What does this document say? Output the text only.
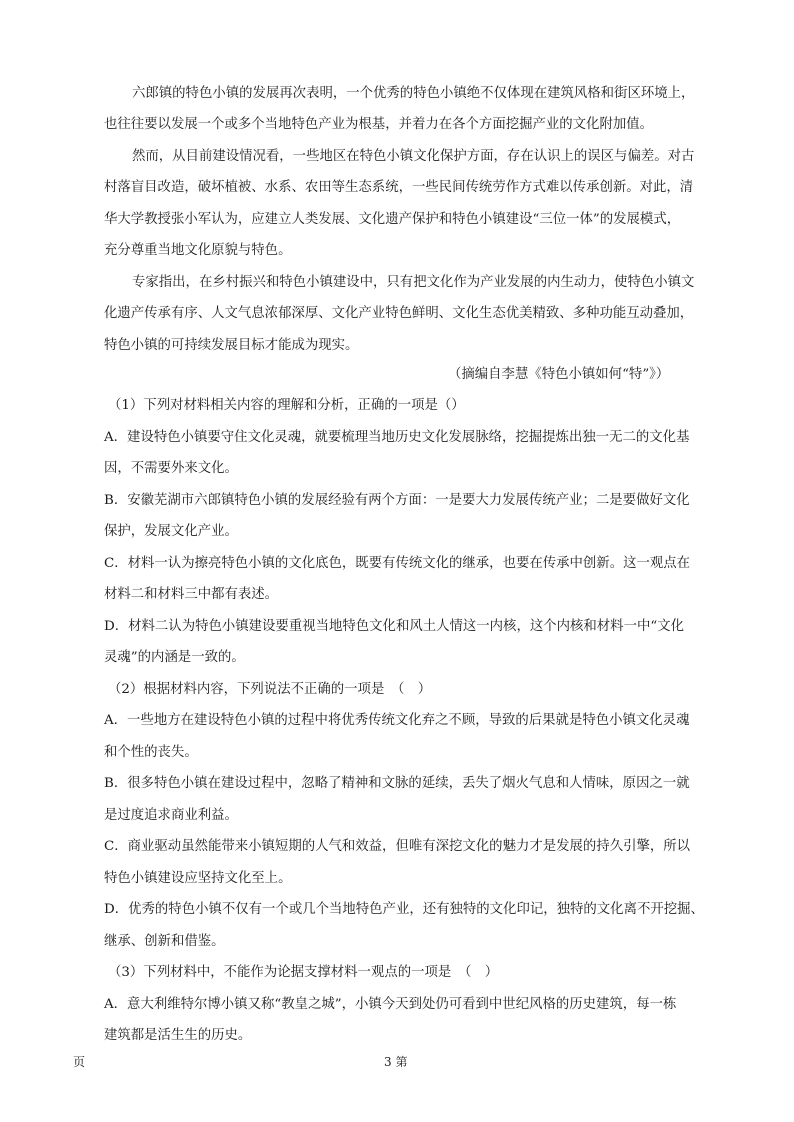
六郎镇的特色小镇的发展再次表明，一个优秀的特色小镇绝不仅体现在建筑风格和街区环境上，
也往往要以发展一个或多个当地特色产业为根基，并着力在各个方面挖掘产业的文化附加值。
然而，从目前建设情况看，一些地区在特色小镇文化保护方面，存在认识上的误区与偏差。对古
村落盲目改造，破坏植被、水系、农田等生态系统，一些民间传统劳作方式难以传承创新。对此，清
华大学教授张小军认为，应建立人类发展、文化遗产保护和特色小镇建设“三位一体”的发展模式，
充分尊重当地文化原貌与特色。
专家指出，在乡村振兴和特色小镇建设中，只有把文化作为产业发展的内生动力，使特色小镇文
化遗产传承有序、人文气息浓郁深厚、文化产业特色鲜明、文化生态优美精致、多种功能互动叠加，
特色小镇的可持续发展目标才能成为现实。
（摘编自李慧《特色小镇如何“特”》）
（1）下列对材料相关内容的理解和分析，正确的一项是（）
A．建设特色小镇要守住文化灵魂，就要梳理当地历史文化发展脉络，挖掘提炼出独一无二的文化基
因，不需要外来文化。
B．安徽芜湖市六郎镇特色小镇的发展经验有两个方面：一是要大力发展传统产业；二是要做好文化
保护，发展文化产业。
C．材料一认为擦亮特色小镇的文化底色，既要有传统文化的继承，也要在传承中创新。这一观点在
材料二和材料三中都有表述。
D．材料二认为特色小镇建设要重视当地特色文化和风土人情这一内核，这个内核和材料一中“文化
灵魂”的内涵是一致的。
（2）根据材料内容，下列说法不正确的一项是　（　）
A．一些地方在建设特色小镇的过程中将优秀传统文化弃之不顾，导致的后果就是特色小镇文化灵魂
和个性的丧失。
B．很多特色小镇在建设过程中，忽略了精神和文脉的延续，丢失了烟火气息和人情味，原因之一就
是过度追求商业利益。
C．商业驱动虽然能带来小镇短期的人气和效益，但唯有深挖文化的魅力才是发展的持久引擎，所以
特色小镇建设应坚持文化至上。
D．优秀的特色小镇不仅有一个或几个当地特色产业，还有独特的文化印记，独特的文化离不开挖掘、
继承、创新和借鉴。
（3）下列材料中，不能作为论据支撑材料一观点的一项是　（　）
A．意大利维特尔博小镇又称“教皇之城”，小镇今天到处仍可看到中世纪风格的历史建筑，每一栋
建筑都是活生生的历史。
页	3 第
